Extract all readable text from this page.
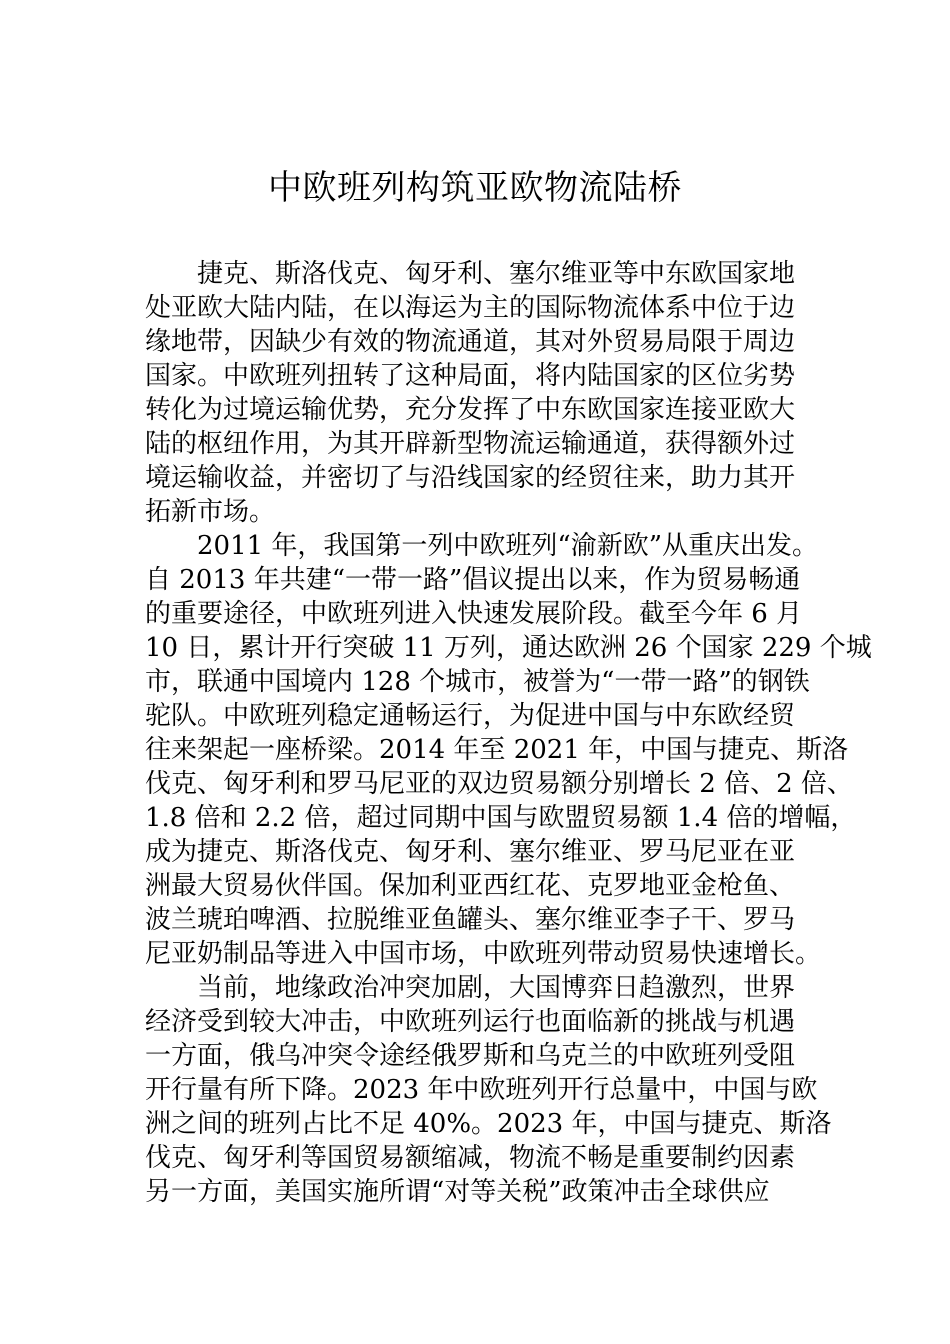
中欧班列构筑亚欧物流陆桥

捷克、斯洛伐克、匈牙利、塞尔维亚等中东欧国家地

处亚欧大陆内陆，在以海运为主的国际物流体系中位于边

缘地带，因缺少有效的物流通道，其对外贸易局限于周边

国家。中欧班列扭转了这种局面，将内陆国家的区位劣势

转化为过境运输优势，充分发挥了中东欧国家连接亚欧大

陆的枢纽作用，为其开辟新型物流运输通道，获得额外过

境运输收益，并密切了与沿线国家的经贸往来，助力其开

拓新市场。

2011 年，我国第一列中欧班列“渝新欧”从重庆出发。

自 2013 年共建“一带一路”倡议提出以来，作为贸易畅通

的重要途径，中欧班列进入快速发展阶段。截至今年 6 月

10 日，累计开行突破 11 万列，通达欧洲 26 个国家 229 个城

市，联通中国境内 128 个城市，被誉为“一带一路”的钢铁

驼队。中欧班列稳定通畅运行，为促进中国与中东欧经贸

往来架起一座桥梁。2014 年至 2021 年，中国与捷克、斯洛

伐克、匈牙利和罗马尼亚的双边贸易额分别增长 2 倍、2 倍、

1.8 倍和 2.2 倍，超过同期中国与欧盟贸易额 1.4 倍的增幅，

成为捷克、斯洛伐克、匈牙利、塞尔维亚、罗马尼亚在亚

洲最大贸易伙伴国。保加利亚西红花、克罗地亚金枪鱼、

波兰琥珀啤酒、拉脱维亚鱼罐头、塞尔维亚李子干、罗马

尼亚奶制品等进入中国市场，中欧班列带动贸易快速增长。

当前，地缘政治冲突加剧，大国博弈日趋激烈，世界

经济受到较大冲击，中欧班列运行也面临新的挑战与机遇

一方面，俄乌冲突令途经俄罗斯和乌克兰的中欧班列受阻

开行量有所下降。2023 年中欧班列开行总量中，中国与欧

洲之间的班列占比不足 40%。2023 年，中国与捷克、斯洛

伐克、匈牙利等国贸易额缩减，物流不畅是重要制约因素

另一方面，美国实施所谓“对等关税”政策冲击全球供应
